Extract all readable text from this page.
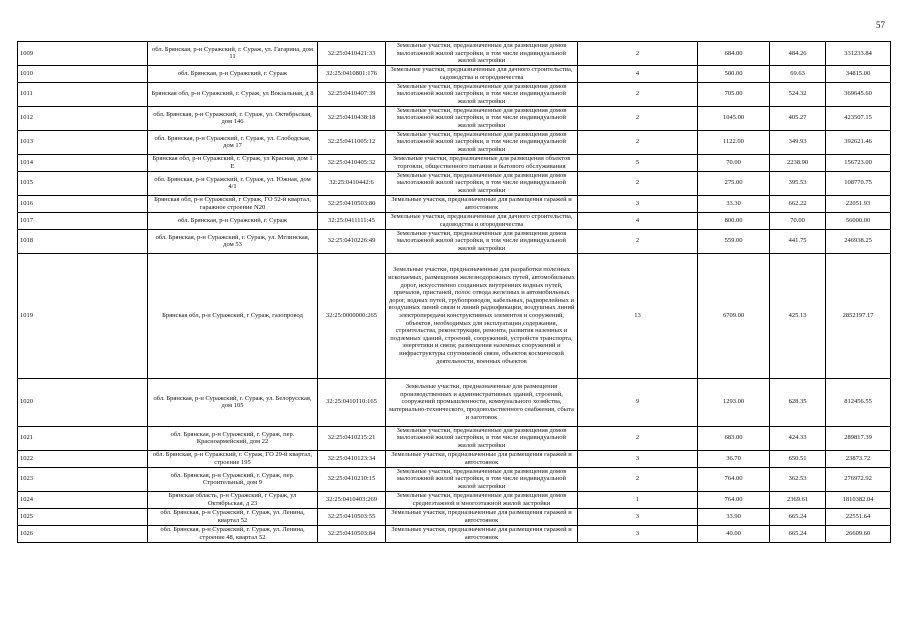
57
1009	обл. Брянская, р-н Суражский, г. Сураж, ул. Гагарина, дом 11	32:25:0410421:33	Земельные участки, предназначенные для размещения домов малоэтажной жилой застройки, в том числе индивидуальной жилой застройки	2	684.00	484.26	331233.84
1010	обл. Брянская, р-н Суражский, г. Сураж	32:25:0410801:176	Земельные участки, предназначенные для дачного строительства, садоводства и огородничества	4	500.00	69.63	34815.00
1011	Брянская обл, р-н Суражский, г. Сураж, ул Вокзальная, д 8	32:25:0410407:39	Земельные участки, предназначенные для размещения домов малоэтажной жилой застройки, в том числе индивидуальной жилой застройки	2	705.00	524.32	369645.60
1012	обл. Брянская, р-н Суражский, г. Сураж, ул. Октябрьская, дом 146	32:25:0410438:18	Земельные участки, предназначенные для размещения домов малоэтажной жилой застройки, в том числе индивидуальной жилой застройки	2	1045.00	405.27	423507.15
1013	обл. Брянская, р-н Суражский, г. Сураж, ул. Слободская, дом 17	32:25:0411005:12	Земельные участки, предназначенные для размещения домов малоэтажной жилой застройки, в том числе индивидуальной жилой застройки	2	1122.00	349.93	392621.46
1014	Брянская обл, р-н Суражский, г. Сураж, ул Красная, дом 1 Е	32:25:0410405:32	Земельные участки, предназначенные для размещения объектов торговли, общественного питания и бытового обслуживания	5	70.00	2238.90	156723.00
1015	обл. Брянская, р-н Суражский, г. Сураж, ул. Южная, дом 4/1	32:25:0410442:6	Земельные участки, предназначенные для размещения домов малоэтажной жилой застройки, в том числе индивидуальной жилой застройки	2	275.00	395.53	108770.75
1016	Брянская обл, р-н Суражский, г Сураж, ГО 52-й квартал, гаражное строение N20	32:25:0410503:80	Земельные участки, предназначенные для размещения гаражей и автостоянок	3	33.30	662.22	22051.93
1017	обл. Брянская, р-н Суражский, г. Сураж	32:25:0411111:45	Земельные участки, предназначенные для дачного строительства, садоводства и огородничества	4	800.00	70.00	56000.00
1018	обл. Брянская, р-н Суражский, г. Сураж, ул. Мглинская, дом 53	32:25:0410226:49	Земельные участки, предназначенные для размещения домов малоэтажной жилой застройки, в том числе индивидуальной жилой застройки	2	559.00	441.75	246938.25
1019	Брянская обл, р-н Суражский, г Сураж, газопровод	32:25:0000000:265	Земельные участки, предназначенные для разработки полезных ископаемых, размещения железнодорожных путей, автомобильных дорог, искусственно созданных внутренних водных путей, причалов, пристаней, полос отвода железных и автомобильных дорог, водных путей, трубопроводов, кабельных, радиорелейных и воздушных линий связи и линий радиофикации, воздушных линий электропередачи конструктивных элементов и сооружений, объектов, необходимых для эксплуатации,содержания, строительства, реконструкции, ремонта, развития наземных и подземных зданий, строений, сооружений, устройств транспорта, энергетики и связи; размещения наземных сооружений и инфраструктуры спутниковой связи, объектов космической деятельности, военных объектов	13	6709.00	425.13	2852197.17
1020	обл. Брянская, р-н Суражский, г. Сураж, ул. Белорусская, дом 105	32:25:0410110:165	Земельные участки, предназначенные для размещения производственных и административных зданий, строений, сооружений промышленности, коммунального хозяйства, материально-технического, продовольственного снабжения, сбыта и заготовок	9	1293.00	628.35	812456.55
1021	обл. Брянская, р-н Суражский, г. Сураж, пер. Красноармейский, дом 22	32:25:0410215:21	Земельные участки, предназначенные для размещения домов малоэтажной жилой застройки, в том числе индивидуальной жилой застройки	2	683.00	424.33	289817.39
1022	обл. Брянская, р-н Суражский, г. Сураж, ГО 29-й квартал, строение 195	32:25:0410123:34	Земельные участки, предназначенные для размещения гаражей и автостоянок	3	36.70	650.51	23873.72
1023	обл. Брянская, р-н Суражский, г. Сураж, пер. Строительный, дом 9	32:25:0410210:15	Земельные участки, предназначенные для размещения домов малоэтажной жилой застройки, в том числе индивидуальной жилой застройки	2	764.00	362.53	276972.92
1024	Брянская область, р-н Суражский, г Сураж, ул Октябрьская, д 23	32:25:0410403:269	Земельные участки, предназначенные для размещения домов среднеэтажной и многоэтажной жилой застройки	1	764.00	2369.61	1810382.04
1025	обл. Брянская, р-н Суражский, г. Сураж, ул. Ленина, квартал 52	32:25:0410503:55	Земельные участки, предназначенные для размещения гаражей и автостоянок	3	33.90	665.24	22551.64
1026	обл. Брянская, р-н Суражский, г. Сураж, ул. Ленина, строение 48, квартал 52	32:25:0410503:84	Земельные участки, предназначенные для размещения гаражей и автостоянок	3	40.00	665.24	26609.60
